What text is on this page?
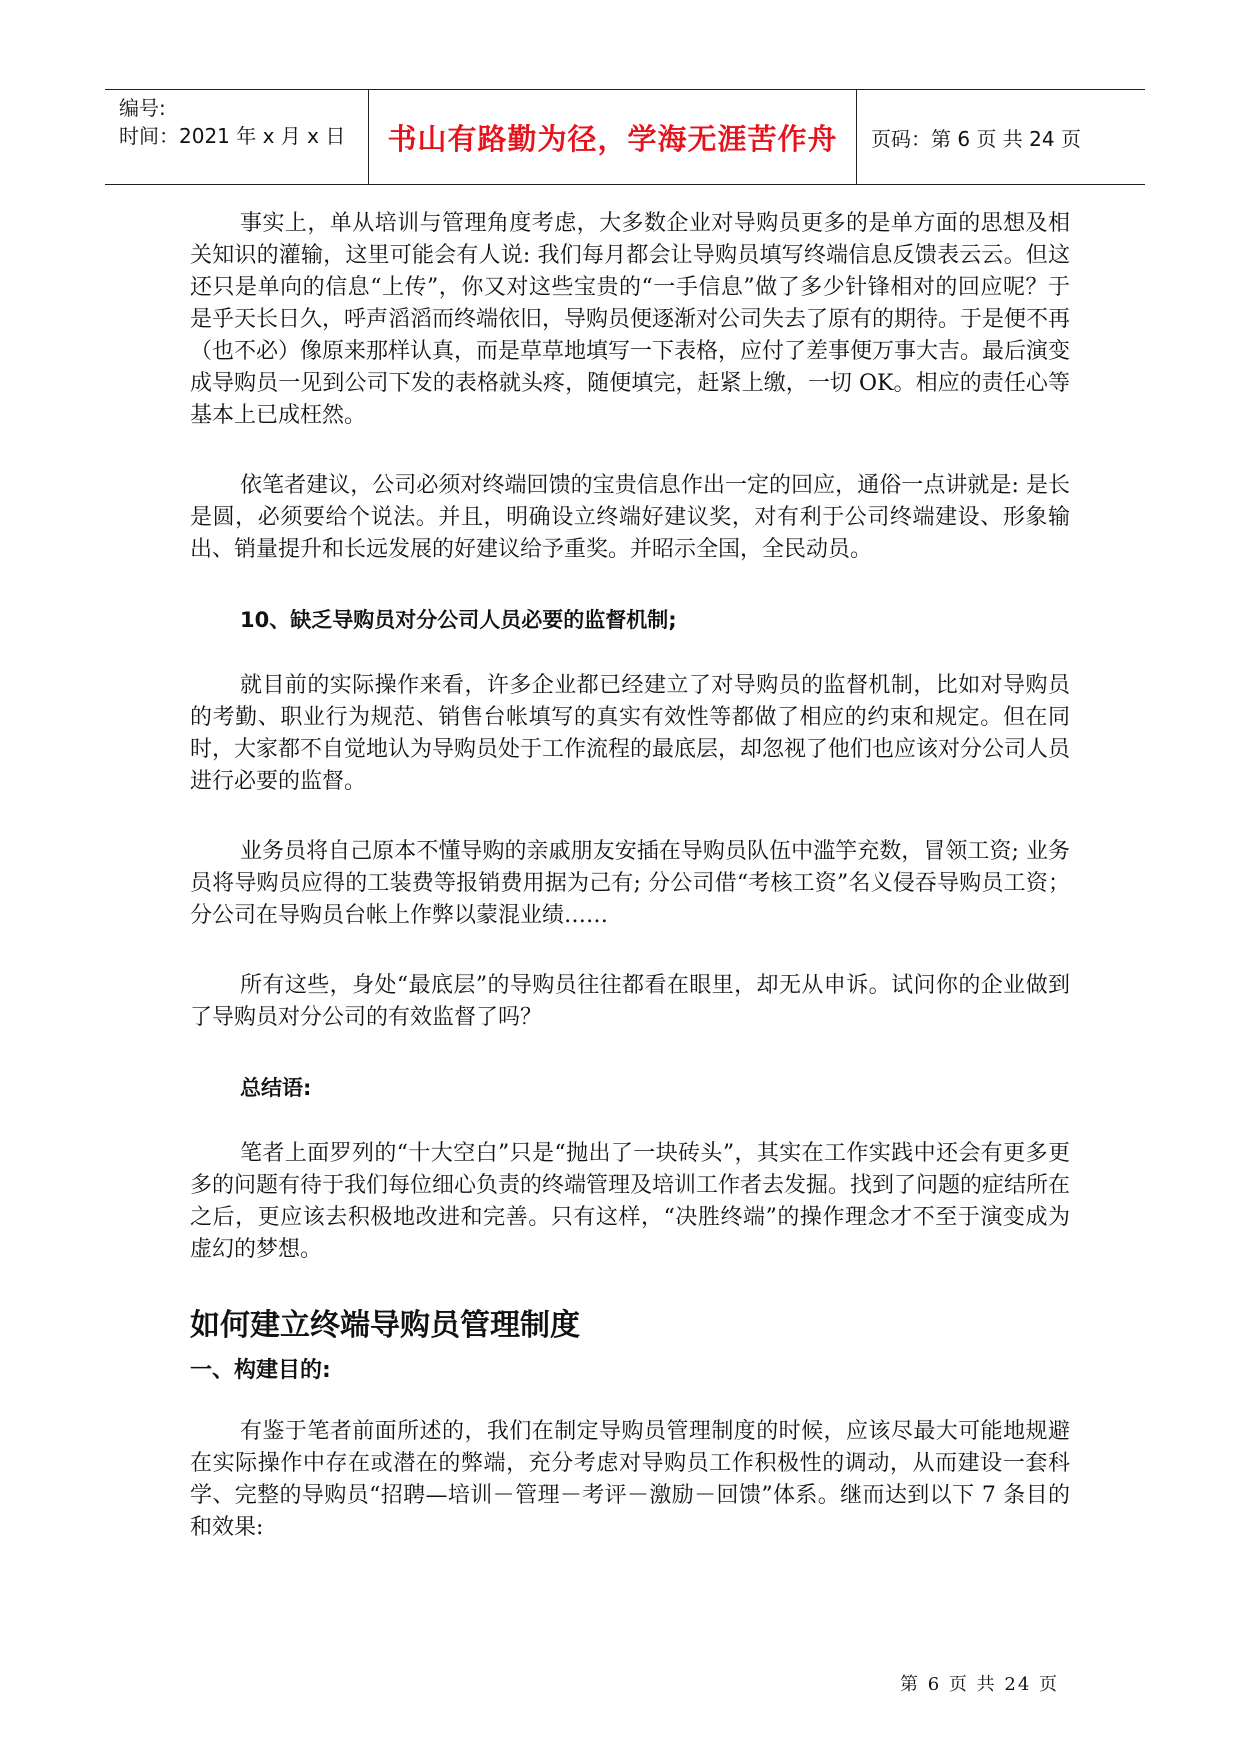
编号:
时间：2021 年 x 月 x 日	书山有路勤为径，学海无涯苦作舟	页码：第 6 页 共 24 页

事实上，单从培训与管理角度考虑，大多数企业对导购员更多的是单方面的思想及相关知识的灌输，这里可能会有人说: 我们每月都会让导购员填写终端信息反馈表云云。但这还只是单向的信息“上传”，你又对这些宝贵的“一手信息”做了多少针锋相对的回应呢？于是乎天长日久，呼声滔滔而终端依旧，导购员便逐渐对公司失去了原有的期待。于是便不再（也不必）像原来那样认真，而是草草地填写一下表格，应付了差事便万事大吉。最后演变成导购员一见到公司下发的表格就头疼，随便填完，赶紧上缴，一切 OK。相应的责任心等基本上已成枉然。

依笔者建议，公司必须对终端回馈的宝贵信息作出一定的回应，通俗一点讲就是: 是长是圆，必须要给个说法。并且，明确设立终端好建议奖，对有利于公司终端建设、形象输出、销量提升和长远发展的好建议给予重奖。并昭示全国，全民动员。

10、缺乏导购员对分公司人员必要的监督机制;

就目前的实际操作来看，许多企业都已经建立了对导购员的监督机制，比如对导购员的考勤、职业行为规范、销售台帐填写的真实有效性等都做了相应的约束和规定。但在同时，大家都不自觉地认为导购员处于工作流程的最底层，却忽视了他们也应该对分公司人员进行必要的监督。

业务员将自己原本不懂导购的亲戚朋友安插在导购员队伍中滥竽充数，冒领工资; 业务员将导购员应得的工装费等报销费用据为己有; 分公司借“考核工资”名义侵吞导购员工资； 分公司在导购员台帐上作弊以蒙混业绩……

所有这些，身处“最底层”的导购员往往都看在眼里，却无从申诉。试问你的企业做到了导购员对分公司的有效监督了吗？

总结语:

笔者上面罗列的“十大空白”只是“抛出了一块砖头”，其实在工作实践中还会有更多更多的问题有待于我们每位细心负责的终端管理及培训工作者去发掘。找到了问题的症结所在之后，更应该去积极地改进和完善。只有这样，“决胜终端”的操作理念才不至于演变成为虚幻的梦想。

如何建立终端导购员管理制度
一、构建目的:

有鉴于笔者前面所述的，我们在制定导购员管理制度的时候，应该尽最大可能地规避在实际操作中存在或潜在的弊端，充分考虑对导购员工作积极性的调动，从而建设一套科学、完整的导购员“招聘—培训－管理－考评－激励－回馈”体系。继而达到以下 7 条目的和效果:

第 6 页 共 24 页
